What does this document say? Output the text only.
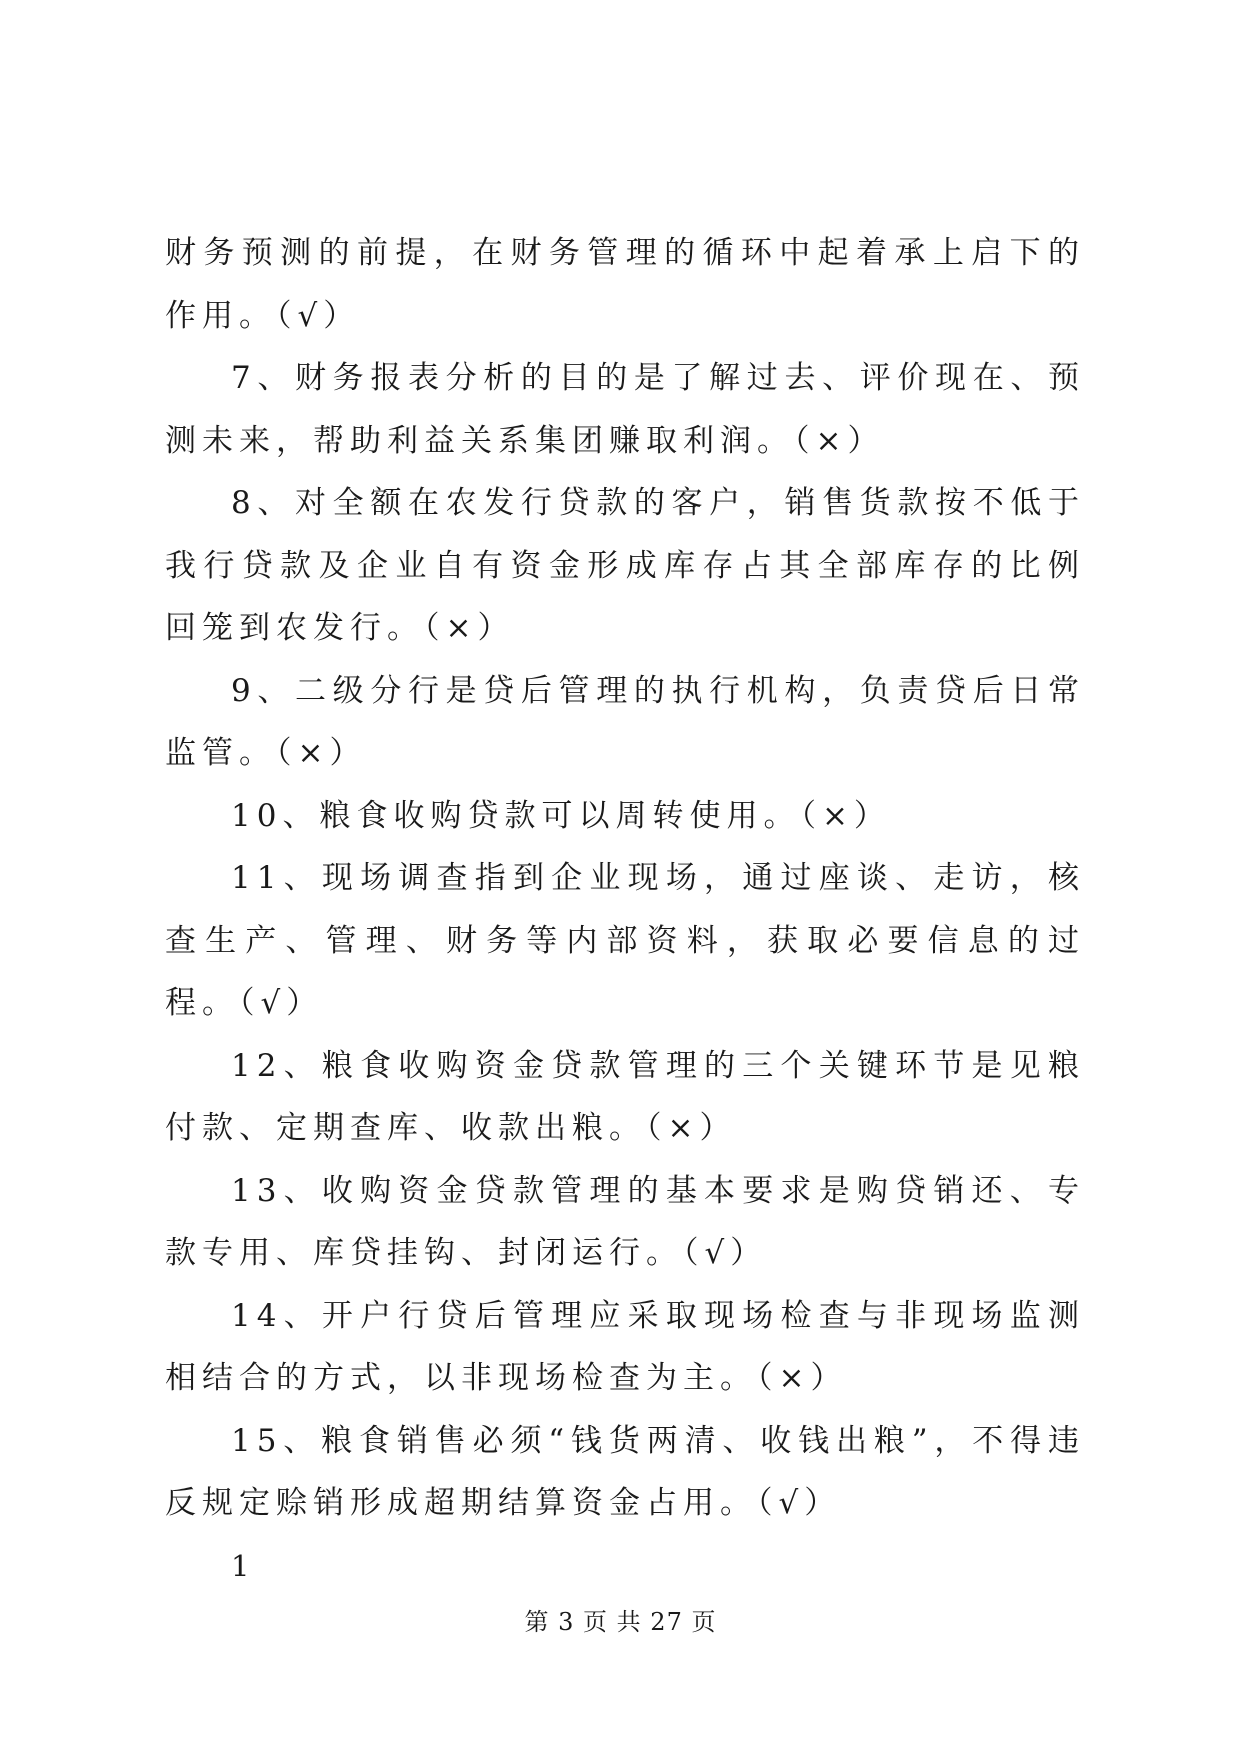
财务预测的前提，在财务管理的循环中起着承上启下的作用。（√）

7、财务报表分析的目的是了解过去、评价现在、预测未来，帮助利益关系集团赚取利润。（×）

8、对全额在农发行贷款的客户，销售货款按不低于我行贷款及企业自有资金形成库存占其全部库存的比例回笼到农发行。（×）

9、二级分行是贷后管理的执行机构，负责贷后日常监管。（×）

10、粮食收购贷款可以周转使用。（×）

11、现场调查指到企业现场，通过座谈、走访，核查生产、管理、财务等内部资料，获取必要信息的过程。（√）

12、粮食收购资金贷款管理的三个关键环节是见粮付款、定期查库、收款出粮。（×）

13、收购资金贷款管理的基本要求是购贷销还、专款专用、库贷挂钩、封闭运行。（√）

14、开户行贷后管理应采取现场检查与非现场监测相结合的方式，以非现场检查为主。（×）

15、粮食销售必须“钱货两清、收钱出粮”，不得违反规定赊销形成超期结算资金占用。（√）

1

第 3 页 共 27 页
